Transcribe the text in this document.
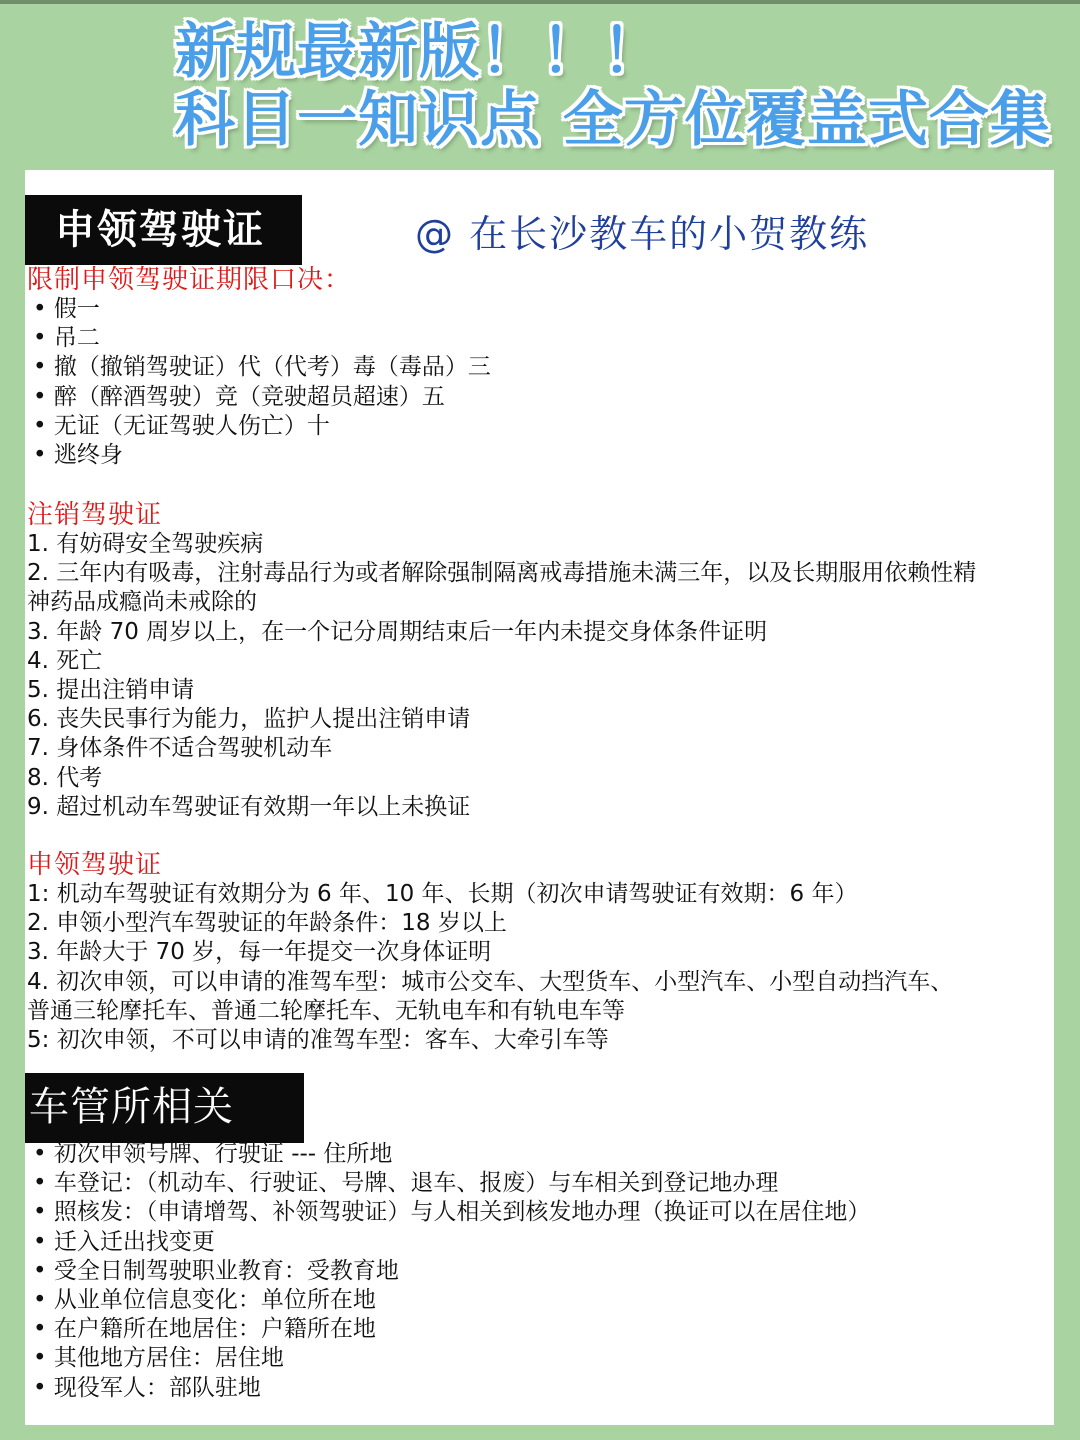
新规最新版！！！
科目一知识点 全方位覆盖式合集
申领驾驶证	@ 在长沙教车的小贺教练
限制申领驾驶证期限口决：
• 假一
• 吊二
• 撤（撤销驾驶证）代（代考）毒（毒品）三
• 醉（醉酒驾驶）竞（竞驶超员超速）五
• 无证（无证驾驶人伤亡）十
• 逃终身
注销驾驶证
1. 有妨碍安全驾驶疾病
2. 三年内有吸毒，注射毒品行为或者解除强制隔离戒毒措施未满三年，以及长期服用依赖性精
神药品成瘾尚未戒除的
3. 年龄 70 周岁以上，在一个记分周期结束后一年内未提交身体条件证明
4. 死亡
5. 提出注销申请
6. 丧失民事行为能力，监护人提出注销申请
7. 身体条件不适合驾驶机动车
8. 代考
9. 超过机动车驾驶证有效期一年以上未换证
申领驾驶证
1: 机动车驾驶证有效期分为 6 年、10 年、长期（初次申请驾驶证有效期：6 年）
2. 申领小型汽车驾驶证的年龄条件：18 岁以上
3. 年龄大于 70 岁，每一年提交一次身体证明
4. 初次申领，可以申请的准驾车型：城市公交车、大型货车、小型汽车、小型自动挡汽车、
普通三轮摩托车、普通二轮摩托车、无轨电车和有轨电车等
5: 初次申领，不可以申请的准驾车型：客车、大牵引车等
车管所相关
• 初次申领号牌、行驶证 --- 住所地
• 车登记：（机动车、行驶证、号牌、退车、报废）与车相关到登记地办理
• 照核发：（申请增驾、补领驾驶证）与人相关到核发地办理（换证可以在居住地）
• 迁入迁出找变更
• 受全日制驾驶职业教育：受教育地
• 从业单位信息变化：单位所在地
• 在户籍所在地居住：户籍所在地
• 其他地方居住：居住地
• 现役军人：部队驻地
